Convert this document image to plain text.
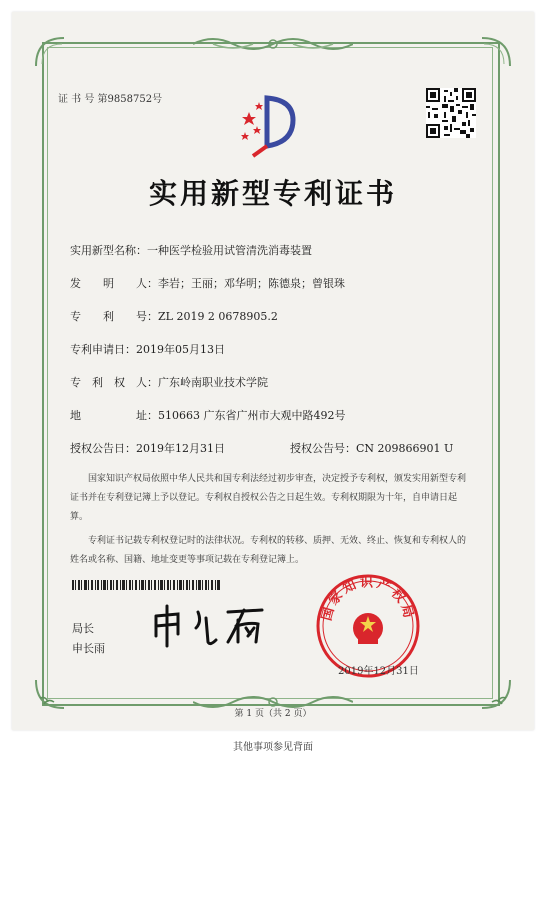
证 书 号 第9858752号
实用新型专利证书
实用新型名称：一种医学检验用试管清洗消毒装置
发　　明　　人：李岩；王丽；邓华明；陈德泉；曾银珠
专　　利　　号：ZL 2019 2 0678905.2
专利申请日：2019年05月13日
专　利　权　人：广东岭南职业技术学院
地　　　　　址：510663 广东省广州市大观中路492号
授权公告日：2019年12月31日	授权公告号：CN 209866901 U
国家知识产权局依照中华人民共和国专利法经过初步审查，决定授予专利权，颁发实用新型专利证书并在专利登记簿上予以登记。专利权自授权公告之日起生效。专利权期限为十年，自申请日起算。
专利证书记载专利权登记时的法律状况。专利权的转移、质押、无效、终止、恢复和专利权人的姓名或名称、国籍、地址变更等事项记载在专利登记簿上。
局长
申长雨
国家知识产权局
2019年12月31日
第 1 页（共 2 页）
其他事项参见背面
